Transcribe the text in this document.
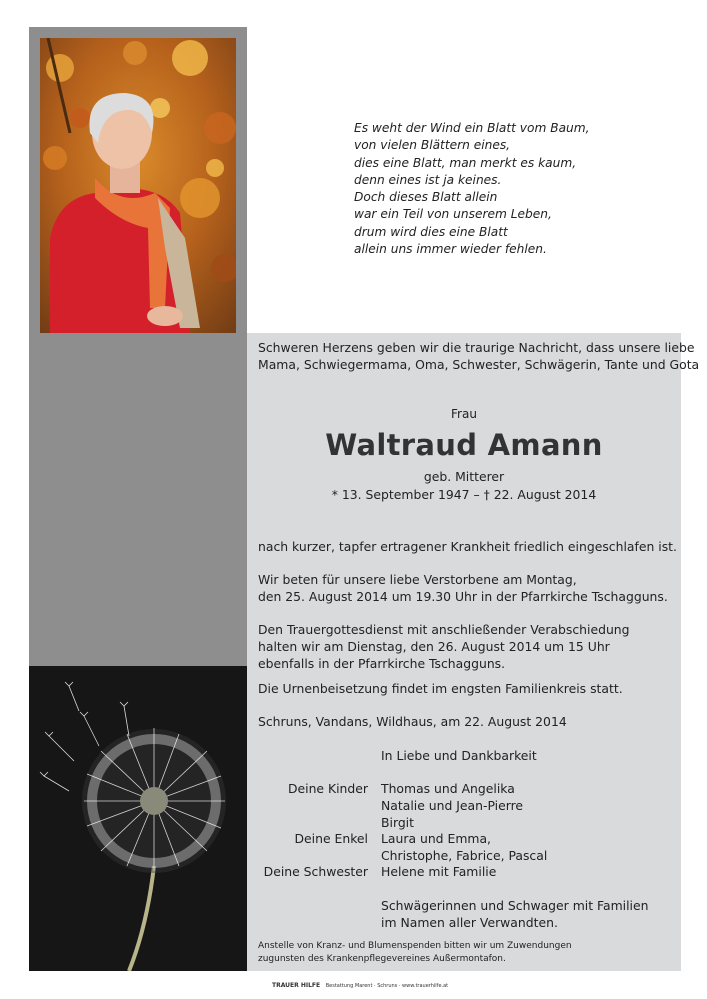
Es weht der Wind ein Blatt vom Baum,
von vielen Blättern eines,
dies eine Blatt, man merkt es kaum,
denn eines ist ja keines.
Doch dieses Blatt allein
war ein Teil von unserem Leben,
drum wird dies eine Blatt
allein uns immer wieder fehlen.
Schweren Herzens geben wir die traurige Nachricht, dass unsere liebe
Mama, Schwiegermama, Oma, Schwester, Schwägerin, Tante und Gota
Frau
Waltraud Amann
geb. Mitterer
* 13. September 1947 – † 22. August 2014
nach kurzer, tapfer ertragener Krankheit friedlich eingeschlafen ist.
Wir beten für unsere liebe Verstorbene am Montag,
den 25. August 2014 um 19.30 Uhr in der Pfarrkirche Tschagguns.
Den Trauergottesdienst mit anschließender Verabschiedung
halten wir am Dienstag, den 26. August 2014 um 15 Uhr
ebenfalls in der Pfarrkirche Tschagguns.
Die Urnenbeisetzung findet im engsten Familienkreis statt.
Schruns, Vandans, Wildhaus, am 22. August 2014
In Liebe und Dankbarkeit
Deine Kinder Thomas und Angelika
Natalie und Jean-Pierre
Birgit
Deine Enkel Laura und Emma,
Christophe, Fabrice, Pascal
Deine Schwester Helene mit Familie
Schwägerinnen und Schwager mit Familien
im Namen aller Verwandten.
Anstelle von Kranz- und Blumenspenden bitten wir um Zuwendungen
zugunsten des Krankenpflegevereines Außermontafon.
TRAUER HILFE Bestattung Marent · Schruns · www.trauerhilfe.at
